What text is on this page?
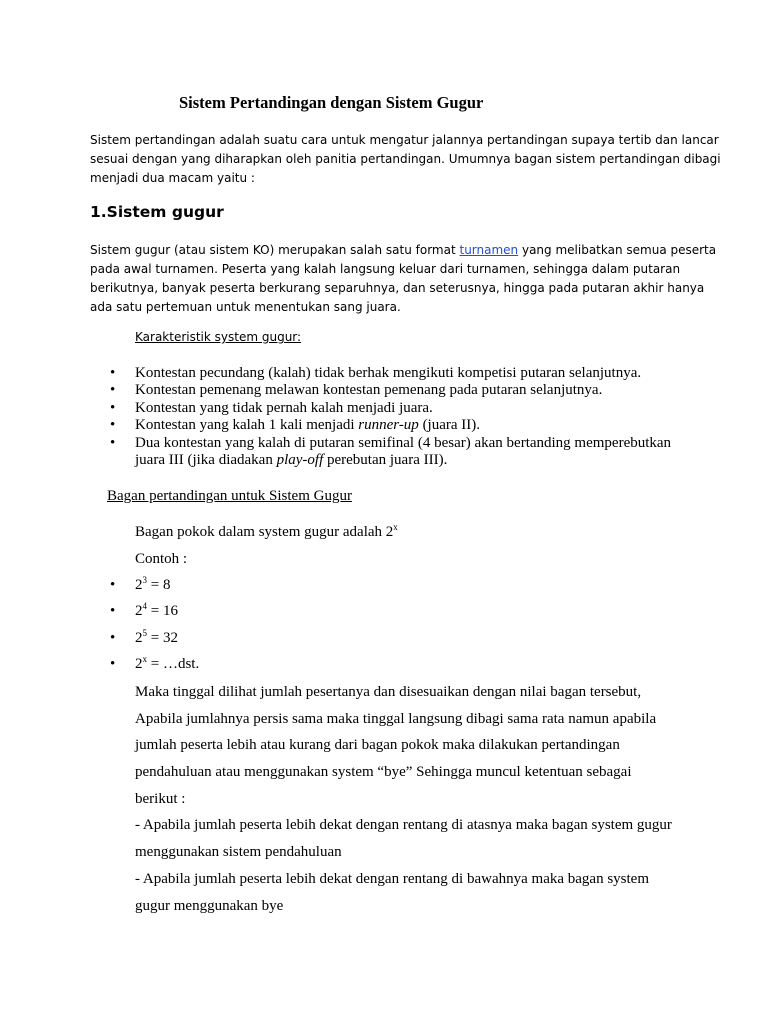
Sistem Pertandingan dengan Sistem Gugur
Sistem pertandingan adalah suatu cara untuk mengatur jalannya pertandingan supaya tertib dan lancar
sesuai dengan yang diharapkan oleh panitia pertandingan. Umumnya bagan sistem pertandingan dibagi
menjadi dua macam yaitu :
1.Sistem gugur
Sistem gugur (atau sistem KO) merupakan salah satu format turnamen yang melibatkan semua peserta
pada awal turnamen. Peserta yang kalah langsung keluar dari turnamen, sehingga dalam putaran
berikutnya, banyak peserta berkurang separuhnya, dan seterusnya, hingga pada putaran akhir hanya
ada satu pertemuan untuk menentukan sang juara.
Karakteristik system gugur:
• Kontestan pecundang (kalah) tidak berhak mengikuti kompetisi putaran selanjutnya.
• Kontestan pemenang melawan kontestan pemenang pada putaran selanjutnya.
• Kontestan yang tidak pernah kalah menjadi juara.
• Kontestan yang kalah 1 kali menjadi runner-up (juara II).
• Dua kontestan yang kalah di putaran semifinal (4 besar) akan bertanding memperebutkan
juara III (jika diadakan play-off perebutan juara III).
Bagan pertandingan untuk Sistem Gugur
Bagan pokok dalam system gugur adalah 2$^x$
Contoh :
• $2^3 = 8$
• $2^4 = 16$
• $2^5 = 32$
• $2^x$ = …dst.
Maka tinggal dilihat jumlah pesertanya dan disesuaikan dengan nilai bagan tersebut,
Apabila jumlahnya persis sama maka tinggal langsung dibagi sama rata namun apabila
jumlah peserta lebih atau kurang dari bagan pokok maka dilakukan pertandingan
pendahuluan atau menggunakan system “bye” Sehingga muncul ketentuan sebagai
berikut :
- Apabila jumlah peserta lebih dekat dengan rentang di atasnya maka bagan system gugur
menggunakan sistem pendahuluan
- Apabila jumlah peserta lebih dekat dengan rentang di bawahnya maka bagan system
gugur menggunakan bye
